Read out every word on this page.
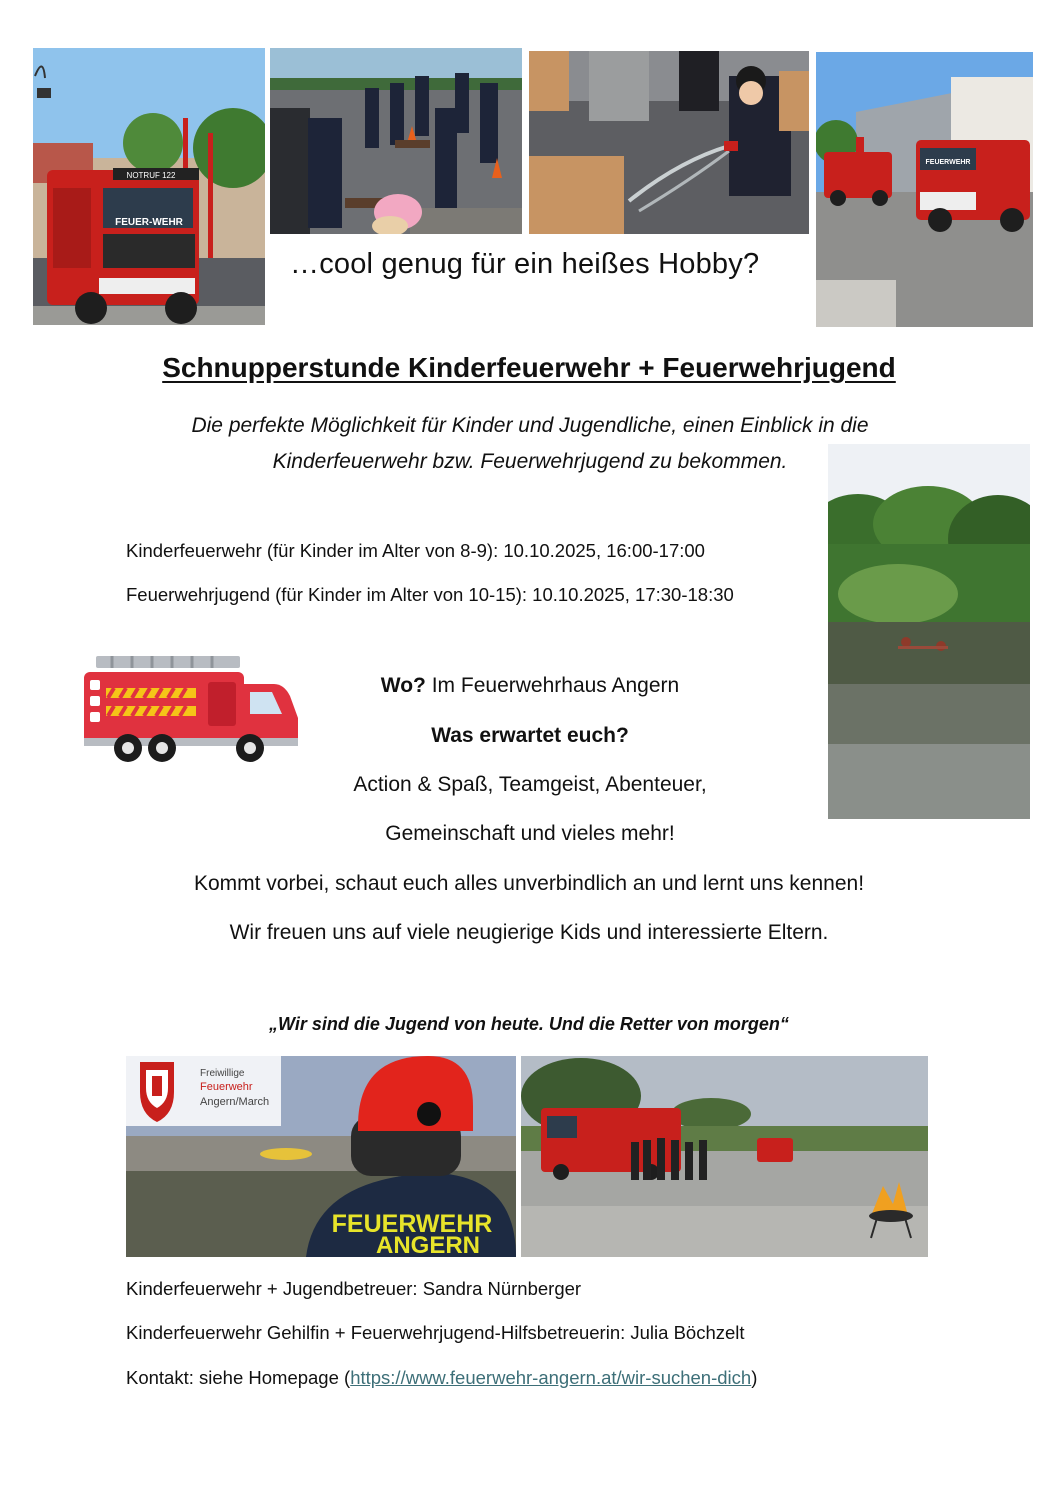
NOTRUF 122
FEUER-WEHR
FEUERWEHR
…cool genug für ein heißes Hobby?
Schnupperstunde Kinderfeuerwehr + Feuerwehrjugend
Die perfekte Möglichkeit für Kinder und Jugendliche, einen Einblick in die
Kinderfeuerwehr bzw. Feuerwehrjugend zu bekommen.
Kinderfeuerwehr (für Kinder im Alter von 8-9): 10.10.2025, 16:00-17:00
Feuerwehrjugend (für Kinder im Alter von 10-15): 10.10.2025, 17:30-18:30
Wo? Im Feuerwehrhaus Angern
Was erwartet euch?
Action & Spaß, Teamgeist, Abenteuer,
Gemeinschaft und vieles mehr!
Kommt vorbei, schaut euch alles unverbindlich an und lernt uns kennen!
Wir freuen uns auf viele neugierige Kids und interessierte Eltern.
„Wir sind die Jugend von heute. Und die Retter von morgen“
Freiwillige
Feuerwehr
Angern/March
FEUERWEHR
ANGERN
Kinderfeuerwehr + Jugendbetreuer: Sandra Nürnberger
Kinderfeuerwehr Gehilfin + Feuerwehrjugend-Hilfsbetreuerin: Julia Böchzelt
Kontakt: siehe Homepage (https://www.feuerwehr-angern.at/wir-suchen-dich)
